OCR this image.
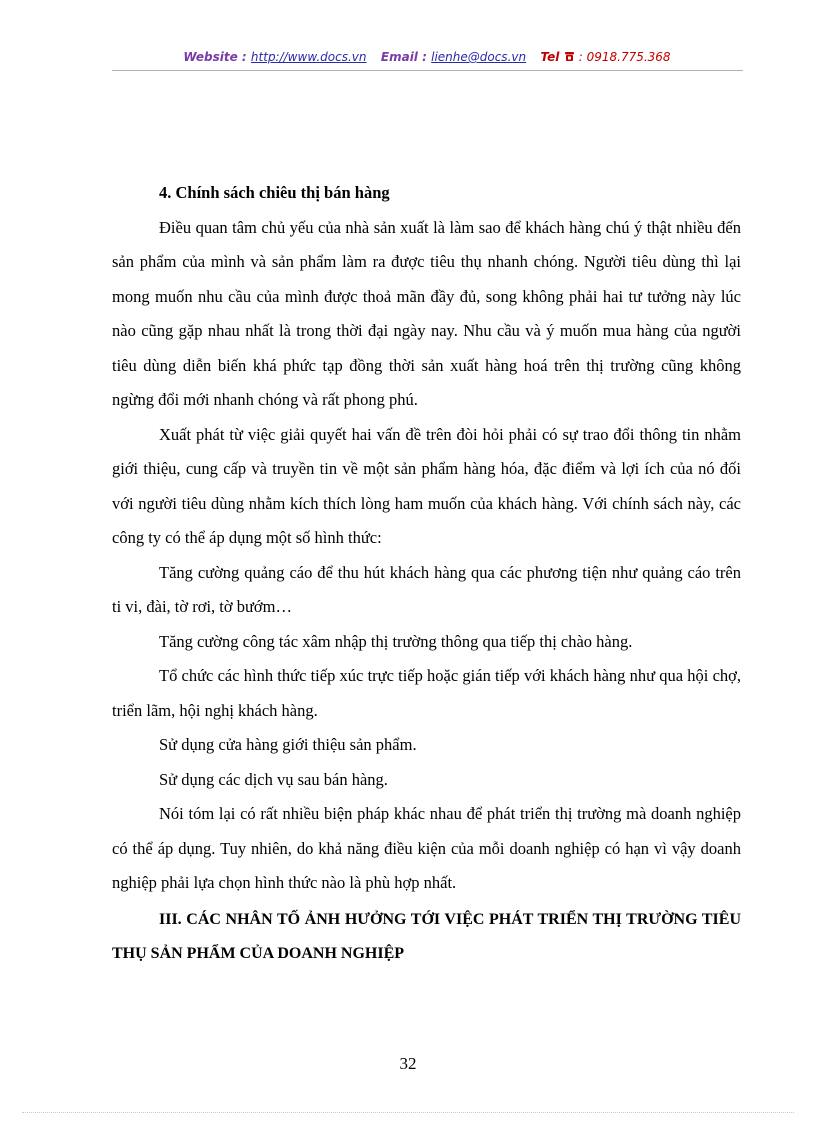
Website : http://www.docs.vn Email : lienhe@docs.vn Tel : 0918.775.368

4. Chính sách chiêu thị bán hàng

Điều quan tâm chủ yếu của nhà sản xuất là làm sao để khách hàng chú ý thật nhiều đến sản phẩm của mình và sản phẩm làm ra được tiêu thụ nhanh chóng. Người tiêu dùng thì lại mong muốn nhu cầu của mình được thoả mãn đầy đủ, song không phải hai tư tưởng này lúc nào cũng gặp nhau nhất là trong thời đại ngày nay. Nhu cầu và ý muốn mua hàng của người tiêu dùng diễn biến khá phức tạp đồng thời sản xuất hàng hoá trên thị trường cũng không ngừng đổi mới nhanh chóng và rất phong phú.

Xuất phát từ việc giải quyết hai vấn đề trên đòi hỏi phải có sự trao đổi thông tin nhằm giới thiệu, cung cấp và truyền tin về một sản phẩm hàng hóa, đặc điểm và lợi ích của nó đối với người tiêu dùng nhằm kích thích lòng ham muốn của khách hàng. Với chính sách này, các công ty có thể áp dụng một số hình thức:

Tăng cường quảng cáo để thu hút khách hàng qua các phương tiện như quảng cáo trên ti vi, đài, tờ rơi, tờ bướm…

Tăng cường công tác xâm nhập thị trường thông qua tiếp thị chào hàng.

Tổ chức các hình thức tiếp xúc trực tiếp hoặc gián tiếp với khách hàng như qua hội chợ, triển lãm, hội nghị khách hàng.

Sử dụng cửa hàng giới thiệu sản phẩm.

Sử dụng các dịch vụ sau bán hàng.

Nói tóm lại có rất nhiều biện pháp khác nhau để phát triển thị trường mà doanh nghiệp có thể áp dụng. Tuy nhiên, do khả năng điều kiện của mỗi doanh nghiệp có hạn vì vậy doanh nghiệp phải lựa chọn hình thức nào là phù hợp nhất.

III. CÁC NHÂN TỐ ẢNH HƯỞNG TỚI VIỆC PHÁT TRIỂN THỊ TRƯỜNG TIÊU THỤ SẢN PHẨM CỦA DOANH NGHIỆP

32
